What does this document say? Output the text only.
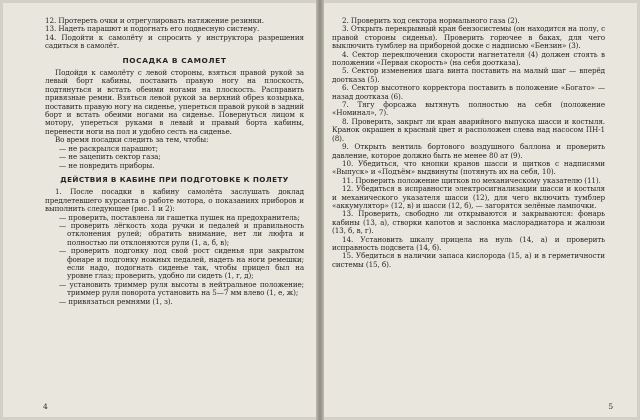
12. Протереть очки и отрегулировать натяжение резинки.

13. Надеть парашют и подогнать его подвесную систему.

14. Подойти к самолёту и спросить у инструктора разрешения садиться в самолёт.

ПОСАДКА В САМОЛЕТ

Подойдя к самолёту с левой стороны, взяться правой рукой за левый борт кабины, поставить правую ногу на плоскость, подтянуться и встать обеими ногами на плоскость. Расправить привязные ремни. Взяться левой рукой за верхний обрез козырька, поставить правую ногу на сиденье, упереться правой рукой в задний борт и встать обеими ногами на сиденье. Повернуться лицом к мотору, упереться руками в левый и правый борта кабины, перенести ноги на пол и удобно сесть на сиденье.

Во время посадки следить за тем, чтобы:

— не раскрылся парашют;

— не зацепить сектор газа;

— не повредить приборы.

ДЕЙСТВИЯ В КАБИНЕ ПРИ ПОДГОТОВКЕ К ПОЛЕТУ

1. После посадки в кабину самолёта заслушать доклад предлетевшего курсанта о работе мотора, о показаниях приборов и выполнить следующее (рис. 1 и 2):

— проверить, поставлена ли гашетка пушек на предохранитель;

— проверить лёгкость хода ручки и педалей и правильность отклонения рулей; обратить внимание, нет ли люфта и полностью ли отклоняются рули (1, а, б, в);

— проверить подгонку под свой рост сиденья при закрытом фонаре и подгонку ножных педалей, надеть на ноги ремешки; если надо, подогнать сиденье так, чтобы прицел был на уровне глаз; проверить, удобно ли сидеть (1, г, д);

— установить триммер руля высоты в нейтральное положение; триммер руля поворота установить на 5—7 мм влево (1, е, ж);

— привязаться ремнями (1, з).

4

2. Проверить ход сектора нормального газа (2).

3. Открыть перекрывный кран бензосистемы (он находится на полу, с правой стороны сиденья). Проверить горючее в баках, для чего выключить тумблер на приборной доске с надписью «Бензин» (3).

4. Сектор переключения скорости нагнетателя (4) должен стоять в положении «Первая скорость» (на себя доотказа).

5. Сектор изменения шага винта поставить на малый шаг — вперёд доотказа (5).

6. Сектор высотного корректора поставить в положение «Богато» — назад доотказа (6).

7. Тягу форсажа вытянуть полностью на себя (положение «Номинал», 7).

8. Проверить, закрыт ли кран аварийного выпуска шасси и костыля. Кранок окрашен в красный цвет и расположен слева над насосом ПН-1 (8).

9. Открыть вентиль бортового воздушного баллона и проверить давление, которое должно быть не менее 80 ат (9).

10. Убедиться, что кнопки кранов шасси и щитков с надписями «Выпуск» и «Подъём» выдвинуты (потянуть их на себя, 10).

11. Проверить положение щитков по механическому указателю (11).

12. Убедиться в исправности электросигнализации шасси и костыля и механического указателя шасси (12), для чего включить тумблер «аккумулятор» (12, в) и шасси (12, б), — загорятся зелёные лампочки.

13. Проверить, свободно ли открываются и закрываются: фонарь кабины (13, а), створки капотов и заслонка маслорадиатора и жалюзи (13, б, в, г).

14. Установить шкалу прицела на нуль (14, а) и проверить исправность подсвета (14, б).

15. Убедиться в наличии запаса кислорода (15, а) и в герметичности системы (15, б).

5
